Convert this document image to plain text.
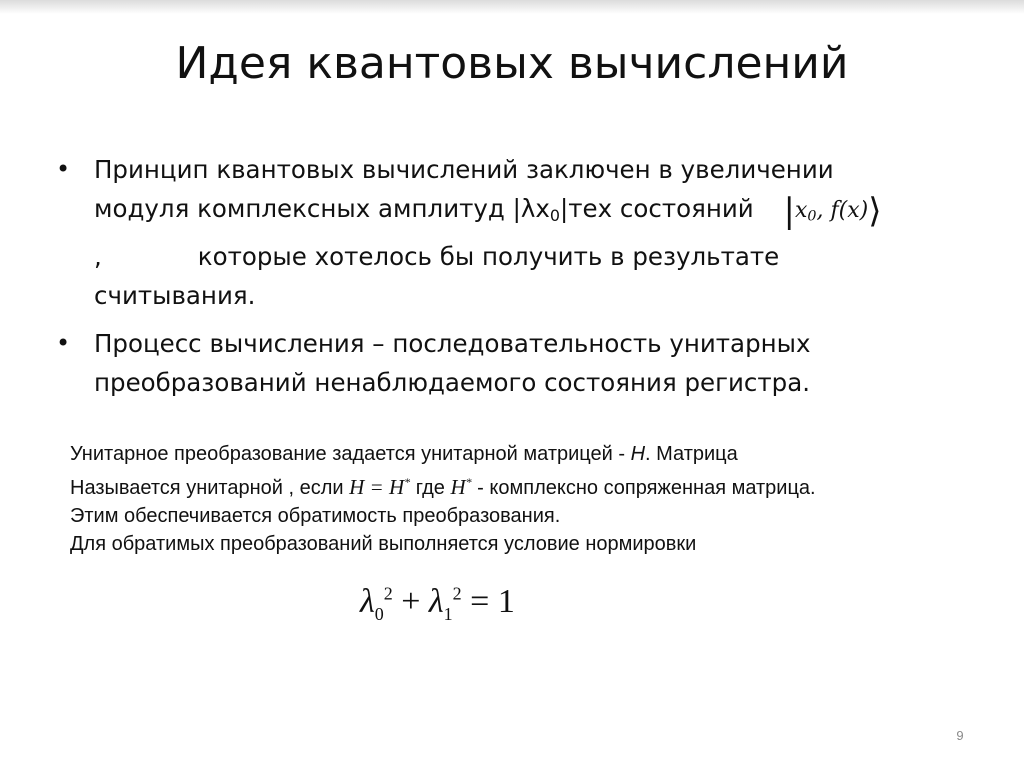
Идея квантовых вычислений
• Принцип квантовых вычислений заключен в увеличении
модуля комплексных амплитуд $|\lambda x_0|тех$ состояний $|x_0$, f(x)⟩
,	которые хотелось бы получить в результате
считывания.
• Процесс вычисления – последовательность унитарных
преобразований ненаблюдаемого состояния регистра.
Унитарное преобразование задается унитарной матрицей - H. Матрица
Называется унитарной , если H = H* где H* - комплексно сопряженная матрица.
Этим обеспечивается обратимость преобразования.
Для обратимых преобразований выполняется условие нормировки
$\lambda_0^2 + \lambda_1^2 = 1$
9
